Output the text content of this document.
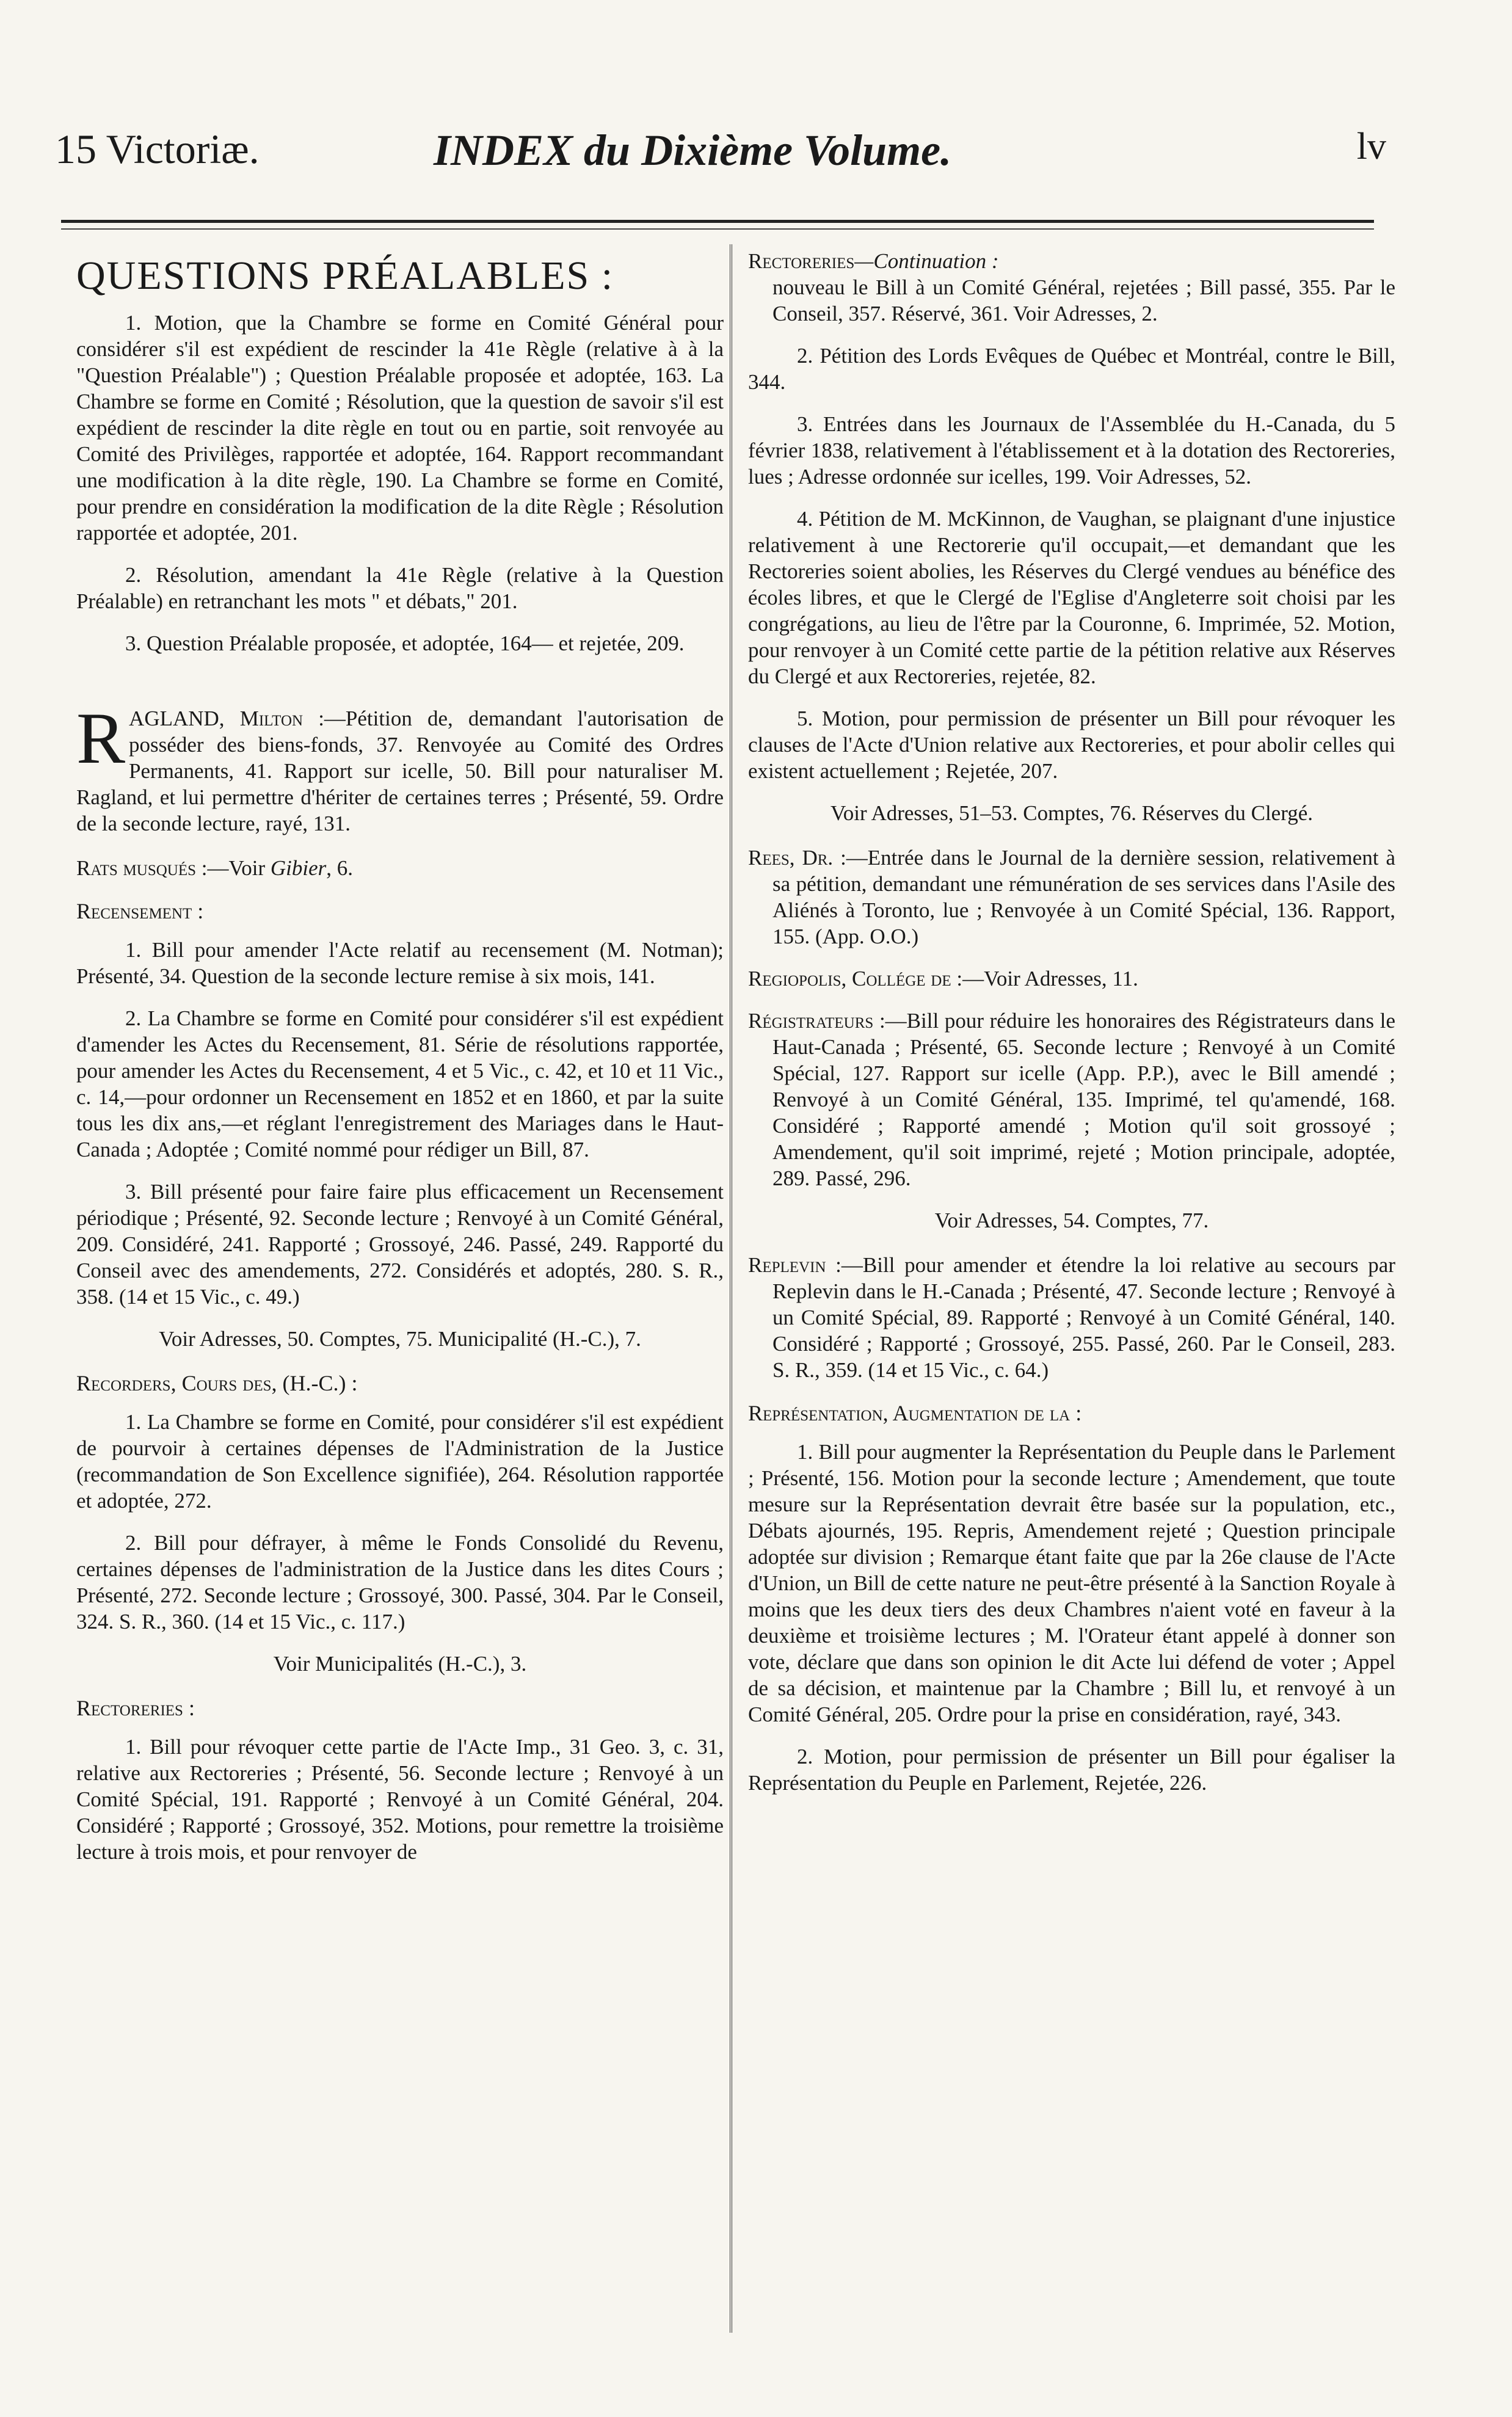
15 Victoriæ.	INDEX du Dixième Volume.	lv
QUESTIONS PRÉALABLES :

1. Motion, que la Chambre se forme en Comité Général pour considérer s'il est expédient de rescinder la 41e Règle (relative à à la "Question Préalable") ; Question Préalable proposée et adoptée, 163. La Chambre se forme en Comité ; Résolution, que la question de savoir s'il est expédient de rescinder la dite règle en tout ou en partie, soit renvoyée au Comité des Privilèges, rapportée et adoptée, 164. Rapport recommandant une modification à la dite règle, 190. La Chambre se forme en Comité, pour prendre en considération la modification de la dite Règle ; Résolution rapportée et adoptée, 201.

2. Résolution, amendant la 41e Règle (relative à la Question Préalable) en retranchant les mots " et débats," 201.

3. Question Préalable proposée, et adoptée, 164— et rejetée, 209.

RAGLAND, Milton :—Pétition de, demandant l'autorisation de posséder des biens-fonds, 37. Renvoyée au Comité des Ordres Permanents, 41. Rapport sur icelle, 50. Bill pour naturaliser M. Ragland, et lui permettre d'hériter de certaines terres ; Présenté, 59. Ordre de la seconde lecture, rayé, 131.

Rats musqués :—Voir Gibier, 6.

Recensement :

1. Bill pour amender l'Acte relatif au recensement (M. Notman); Présenté, 34. Question de la seconde lecture remise à six mois, 141.

2. La Chambre se forme en Comité pour considérer s'il est expédient d'amender les Actes du Recensement, 81. Série de résolutions rapportée, pour amender les Actes du Recensement, 4 et 5 Vic., c. 42, et 10 et 11 Vic., c. 14,—pour ordonner un Recensement en 1852 et en 1860, et par la suite tous les dix ans,—et réglant l'enregistrement des Mariages dans le Haut-Canada ; Adoptée ; Comité nommé pour rédiger un Bill, 87.

3. Bill présenté pour faire faire plus efficacement un Recensement périodique ; Présenté, 92. Seconde lecture ; Renvoyé à un Comité Général, 209. Considéré, 241. Rapporté ; Grossoyé, 246. Passé, 249. Rapporté du Conseil avec des amendements, 272. Considérés et adoptés, 280. S. R., 358. (14 et 15 Vic., c. 49.)

Voir Adresses, 50. Comptes, 75. Municipalité (H.-C.), 7.

Recorders, Cours des, (H.-C.) :

1. La Chambre se forme en Comité, pour considérer s'il est expédient de pourvoir à certaines dépenses de l'Administration de la Justice (recommandation de Son Excellence signifiée), 264. Résolution rapportée et adoptée, 272.

2. Bill pour défrayer, à même le Fonds Consolidé du Revenu, certaines dépenses de l'administration de la Justice dans les dites Cours ; Présenté, 272. Seconde lecture ; Grossoyé, 300. Passé, 304. Par le Conseil, 324. S. R., 360. (14 et 15 Vic., c. 117.)

Voir Municipalités (H.-C.), 3.

Rectoreries :

1. Bill pour révoquer cette partie de l'Acte Imp., 31 Geo. 3, c. 31, relative aux Rectoreries ; Présenté, 56. Seconde lecture ; Renvoyé à un Comité Spécial, 191. Rapporté ; Renvoyé à un Comité Général, 204. Considéré ; Rapporté ; Grossoyé, 352. Motions, pour remettre la troisième lecture à trois mois, et pour renvoyer de

Rectoreries—Continuation :
nouveau le Bill à un Comité Général, rejetées ; Bill passé, 355. Par le Conseil, 357. Réservé, 361. Voir Adresses, 2.

2. Pétition des Lords Evêques de Québec et Montréal, contre le Bill, 344.

3. Entrées dans les Journaux de l'Assemblée du H.-Canada, du 5 février 1838, relativement à l'établissement et à la dotation des Rectoreries, lues ; Adresse ordonnée sur icelles, 199. Voir Adresses, 52.

4. Pétition de M. McKinnon, de Vaughan, se plaignant d'une injustice relativement à une Rectorerie qu'il occupait,—et demandant que les Rectoreries soient abolies, les Réserves du Clergé vendues au bénéfice des écoles libres, et que le Clergé de l'Eglise d'Angleterre soit choisi par les congrégations, au lieu de l'être par la Couronne, 6. Imprimée, 52. Motion, pour renvoyer à un Comité cette partie de la pétition relative aux Réserves du Clergé et aux Rectoreries, rejetée, 82.

5. Motion, pour permission de présenter un Bill pour révoquer les clauses de l'Acte d'Union relative aux Rectoreries, et pour abolir celles qui existent actuellement ; Rejetée, 207.

Voir Adresses, 51–53. Comptes, 76. Réserves du Clergé.

Rees, Dr. :—Entrée dans le Journal de la dernière session, relativement à sa pétition, demandant une rémunération de ses services dans l'Asile des Aliénés à Toronto, lue ; Renvoyée à un Comité Spécial, 136. Rapport, 155. (App. O.O.)

Regiopolis, Collége de :—Voir Adresses, 11.

Régistrateurs :—Bill pour réduire les honoraires des Régistrateurs dans le Haut-Canada ; Présenté, 65. Seconde lecture ; Renvoyé à un Comité Spécial, 127. Rapport sur icelle (App. P.P.), avec le Bill amendé ; Renvoyé à un Comité Général, 135. Imprimé, tel qu'amendé, 168. Considéré ; Rapporté amendé ; Motion qu'il soit grossoyé ; Amendement, qu'il soit imprimé, rejeté ; Motion principale, adoptée, 289. Passé, 296.

Voir Adresses, 54. Comptes, 77.

Replevin :—Bill pour amender et étendre la loi relative au secours par Replevin dans le H.-Canada ; Présenté, 47. Seconde lecture ; Renvoyé à un Comité Spécial, 89. Rapporté ; Renvoyé à un Comité Général, 140. Considéré ; Rapporté ; Grossoyé, 255. Passé, 260. Par le Conseil, 283. S. R., 359. (14 et 15 Vic., c. 64.)

Représentation, Augmentation de la :

1. Bill pour augmenter la Représentation du Peuple dans le Parlement ; Présenté, 156. Motion pour la seconde lecture ; Amendement, que toute mesure sur la Représentation devrait être basée sur la population, etc., Débats ajournés, 195. Repris, Amendement rejeté ; Question principale adoptée sur division ; Remarque étant faite que par la 26e clause de l'Acte d'Union, un Bill de cette nature ne peut-être présenté à la Sanction Royale à moins que les deux tiers des deux Chambres n'aient voté en faveur à la deuxième et troisième lectures ; M. l'Orateur étant appelé à donner son vote, déclare que dans son opinion le dit Acte lui défend de voter ; Appel de sa décision, et maintenue par la Chambre ; Bill lu, et renvoyé à un Comité Général, 205. Ordre pour la prise en considération, rayé, 343.

2. Motion, pour permission de présenter un Bill pour égaliser la Représentation du Peuple en Parlement, Rejetée, 226.
